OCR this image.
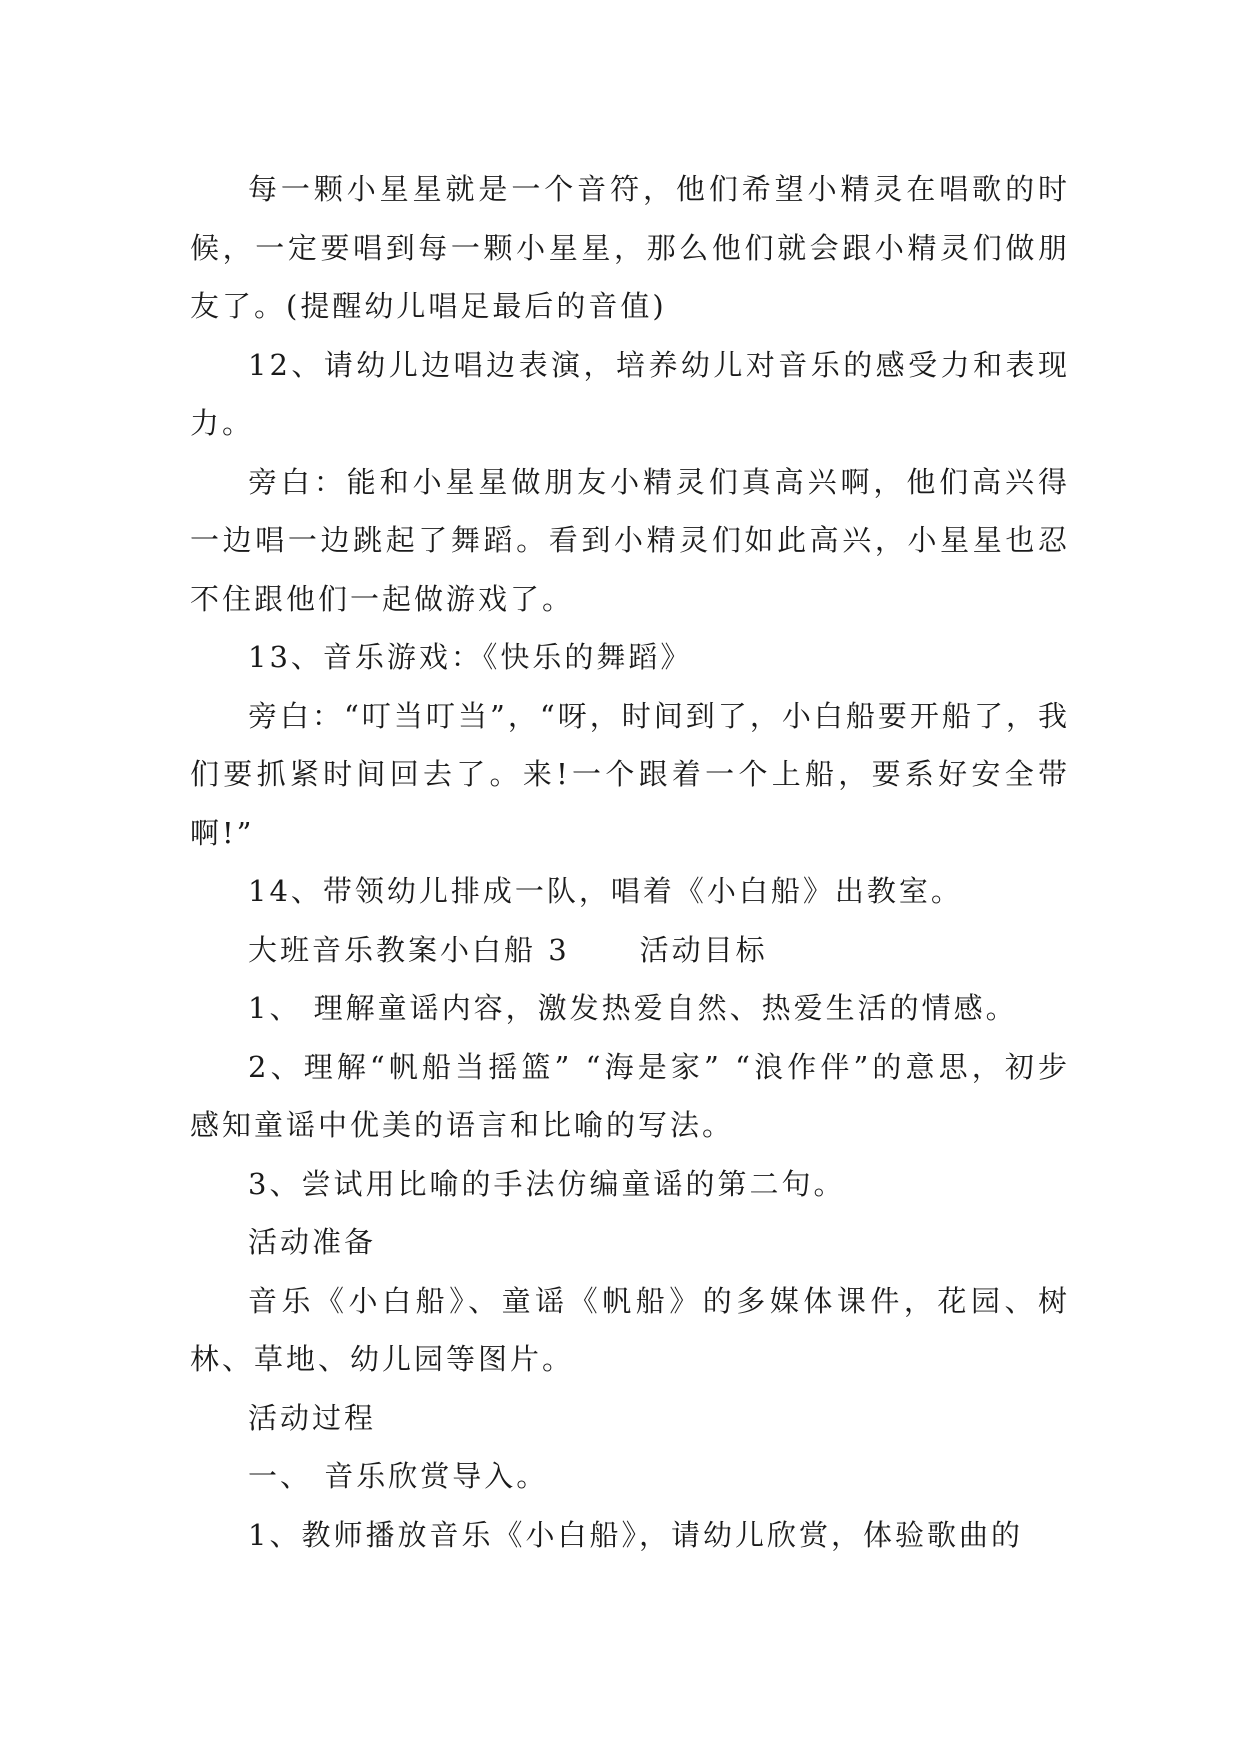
每一颗小星星就是一个音符，他们希望小精灵在唱歌的时候，一定要唱到每一颗小星星，那么他们就会跟小精灵们做朋友了。(提醒幼儿唱足最后的音值)

12、请幼儿边唱边表演，培养幼儿对音乐的感受力和表现力。

旁白：能和小星星做朋友小精灵们真高兴啊，他们高兴得一边唱一边跳起了舞蹈。看到小精灵们如此高兴，小星星也忍不住跟他们一起做游戏了。

13、音乐游戏：《快乐的舞蹈》

旁白：“叮当叮当”，“呀，时间到了，小白船要开船了，我们要抓紧时间回去了。来!一个跟着一个上船，要系好安全带啊!”

14、带领幼儿排成一队，唱着《小白船》出教室。

大班音乐教案小白船 3 活动目标

1、 理解童谣内容，激发热爱自然、热爱生活的情感。

2、理解“帆船当摇篮” “海是家” “浪作伴”的意思，初步感知童谣中优美的语言和比喻的写法。

3、尝试用比喻的手法仿编童谣的第二句。

活动准备

音乐《小白船》、童谣《帆船》的多媒体课件，花园、树林、草地、幼儿园等图片。

活动过程

一、 音乐欣赏导入。

1、教师播放音乐《小白船》，请幼儿欣赏，体验歌曲的
